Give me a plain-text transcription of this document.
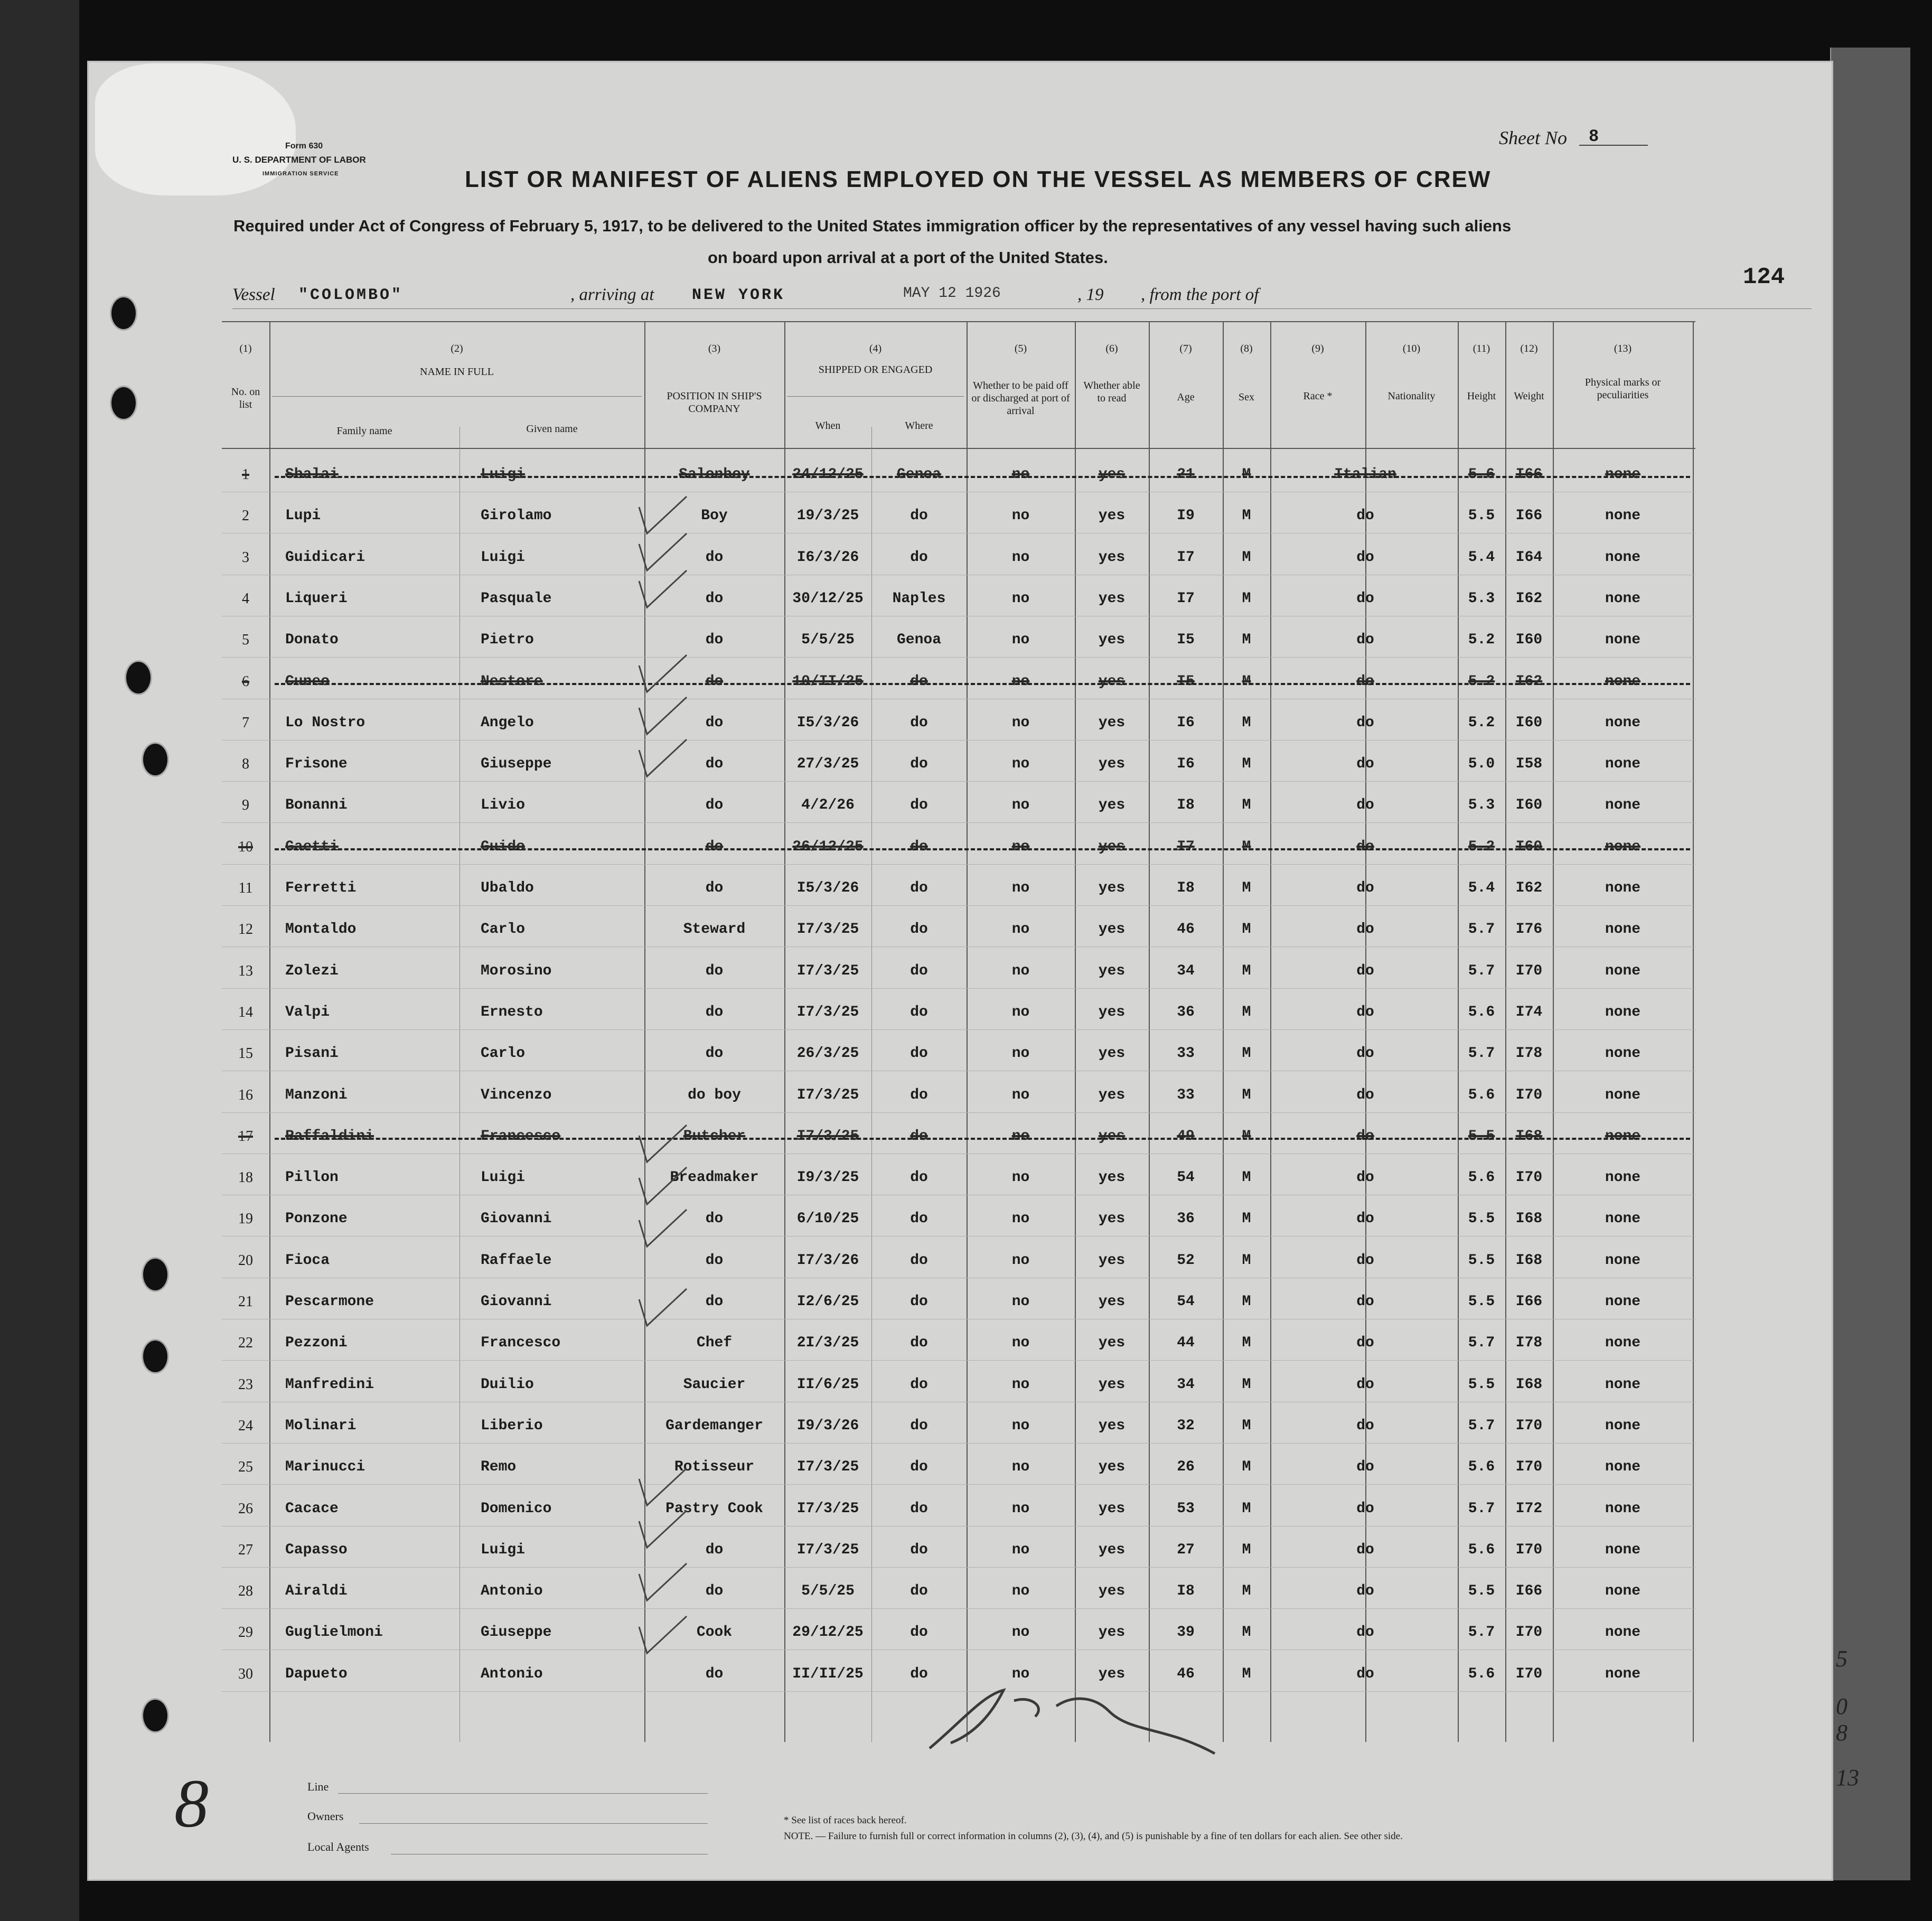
Form 630
U. S. DEPARTMENT OF LABOR
IMMIGRATION SERVICE
Sheet No 8
LIST OR MANIFEST OF ALIENS EMPLOYED ON THE VESSEL AS MEMBERS OF CREW
Required under Act of Congress of February 5, 1917, to be delivered to the United States immigration officer by the representatives of any vessel having such aliens
on board upon arrival at a port of the United States.
124
Vessel "COLOMBO"	, arriving at NEW YORK	MAY 12 1926	, 19 , from the port of
(1)
No. on list
(2)
NAME IN FULL
Family name	Given name
(3)
POSITION IN SHIP'S COMPANY
(4)
SHIPPED OR ENGAGED
When	Where
(5)
Whether to be paid off or discharged at port of arrival
(6)
Whether able to read
(7)
Age
(8)
Sex
(9)
Race *
(10)
Nationality
(11)
Height
(12)
Weight
(13)
Physical marks or peculiarities
1	Sbalai	Luigi	Salonboy	24/12/25	Genoa	no	yes	21	M	Italian	5.6	I66	none
2	Lupi	Girolamo	Boy	19/3/25	do	no	yes	I9	M	do	5.5	I66	none
3	Guidicari	Luigi	do	I6/3/26	do	no	yes	I7	M	do	5.4	I64	none
4	Liqueri	Pasquale	do	30/12/25	Naples	no	yes	I7	M	do	5.3	I62	none
5	Donato	Pietro	do	5/5/25	Genoa	no	yes	I5	M	do	5.2	I60	none
6	Cuneo	Nestore	do	10/II/25	do	no	yes	I5	M	do	5.2	I62	none
7	Lo Nostro	Angelo	do	I5/3/26	do	no	yes	I6	M	do	5.2	I60	none
8	Frisone	Giuseppe	do	27/3/25	do	no	yes	I6	M	do	5.0	I58	none
9	Bonanni	Livio	do	4/2/26	do	no	yes	I8	M	do	5.3	I60	none
10	Gaetti	Guido	do	26/12/25	do	no	yes	I7	M	do	5.2	I60	none
11	Ferretti	Ubaldo	do	I5/3/26	do	no	yes	I8	M	do	5.4	I62	none
12	Montaldo	Carlo	Steward	I7/3/25	do	no	yes	46	M	do	5.7	I76	none
13	Zolezi	Morosino	do	I7/3/25	do	no	yes	34	M	do	5.7	I70	none
14	Valpi	Ernesto	do	I7/3/25	do	no	yes	36	M	do	5.6	I74	none
15	Pisani	Carlo	do	26/3/25	do	no	yes	33	M	do	5.7	I78	none
16	Manzoni	Vincenzo	do boy	I7/3/25	do	no	yes	33	M	do	5.6	I70	none
17	Raffaldini	Francesco	Butcher	I7/3/25	do	no	yes	49	M	do	5.5	I68	none
18	Pillon	Luigi	Breadmaker	I9/3/25	do	no	yes	54	M	do	5.6	I70	none
19	Ponzone	Giovanni	do	6/10/25	do	no	yes	36	M	do	5.5	I68	none
20	Fioca	Raffaele	do	I7/3/26	do	no	yes	52	M	do	5.5	I68	none
21	Pescarmone	Giovanni	do	I2/6/25	do	no	yes	54	M	do	5.5	I66	none
22	Pezzoni	Francesco	Chef	2I/3/25	do	no	yes	44	M	do	5.7	I78	none
23	Manfredini	Duilio	Saucier	II/6/25	do	no	yes	34	M	do	5.5	I68	none
24	Molinari	Liberio	Gardemanger	I9/3/26	do	no	yes	32	M	do	5.7	I70	none
25	Marinucci	Remo	Rotisseur	I7/3/25	do	no	yes	26	M	do	5.6	I70	none
26	Cacace	Domenico	Pastry Cook	I7/3/25	do	no	yes	53	M	do	5.7	I72	none
27	Capasso	Luigi	do	I7/3/25	do	no	yes	27	M	do	5.6	I70	none
28	Airaldi	Antonio	do	5/5/25	do	no	yes	I8	M	do	5.5	I66	none
29	Guglielmoni	Giuseppe	Cook	29/12/25	do	no	yes	39	M	do	5.7	I70	none
30	Dapueto	Antonio	do	II/II/25	do	no	yes	46	M	do	5.6	I70	none
8	Line
Owners
Local Agents
* See list of races back hereof.
NOTE. — Failure to furnish full or correct information in columns (2), (3), (4), and (5) is punishable by a fine of ten dollars for each alien. See other side.
5
0
8
13
